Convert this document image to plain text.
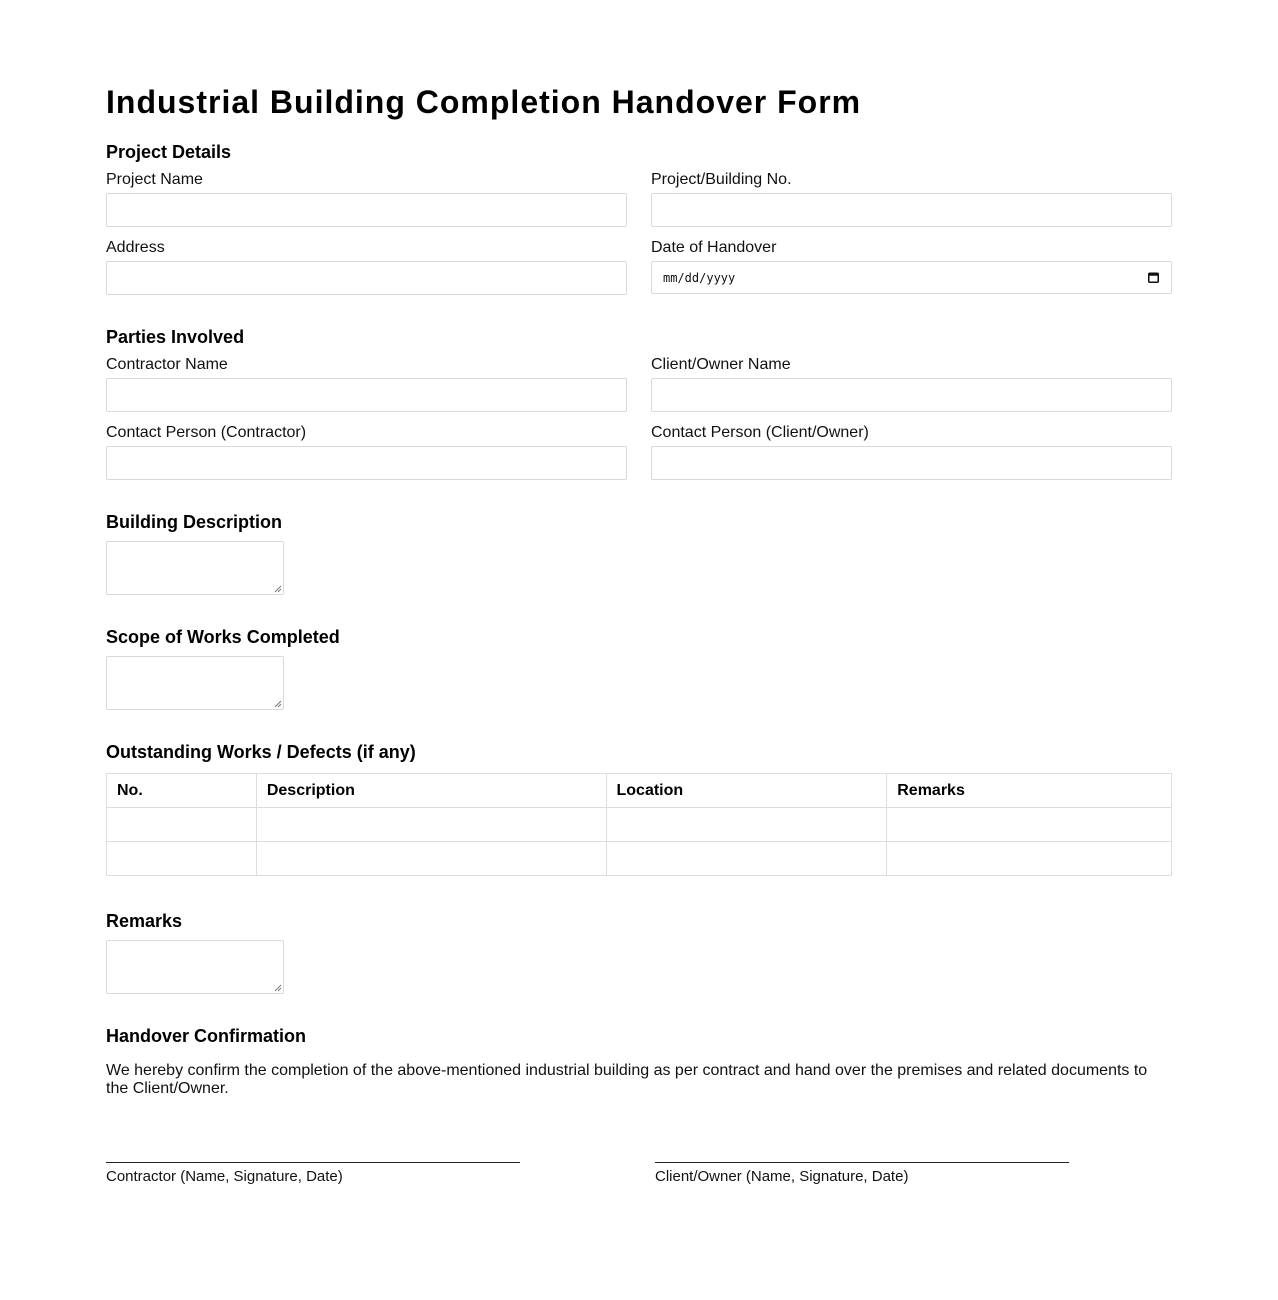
Industrial Building Completion Handover Form
Project Details
Project Name	Project/Building No.
Address	Date of Handover
mm/dd/yyyy
Parties Involved
Contractor Name	Client/Owner Name
Contact Person (Contractor)	Contact Person (Client/Owner)
Building Description
Scope of Works Completed
Outstanding Works / Defects (if any)
No.	Description	Location	Remarks

Remarks
Handover Confirmation

We hereby confirm the completion of the above-mentioned industrial building as per contract and hand over the premises and related documents to the Client/Owner.

Contractor (Name, Signature, Date)	Client/Owner (Name, Signature, Date)
